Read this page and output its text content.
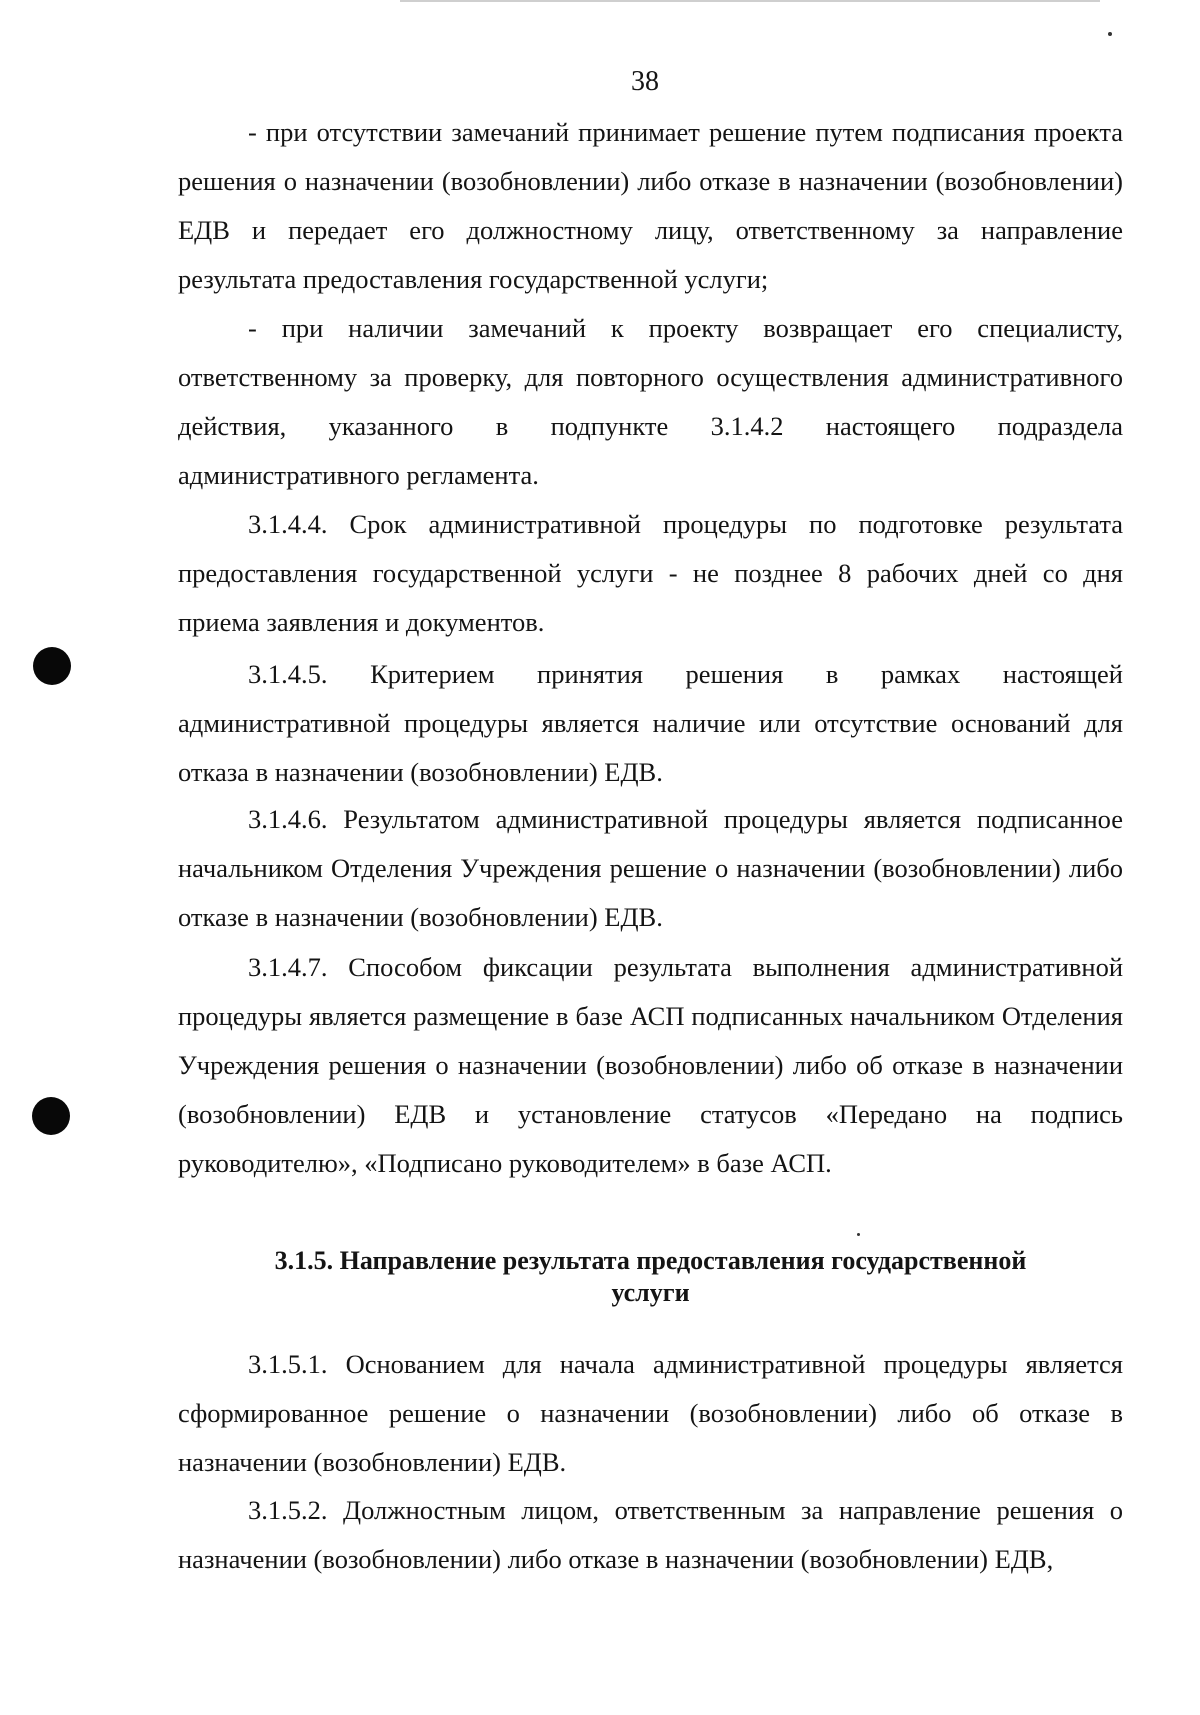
38

- при отсутствии замечаний принимает решение путем подписания проекта решения о назначении (возобновлении) либо отказе в назначении (возобновлении) ЕДВ и передает его должностному лицу, ответственному за направление результата предоставления государственной услуги;

- при наличии замечаний к проекту возвращает его специалисту, ответственному за проверку, для повторного осуществления административного действия, указанного в подпункте 3.1.4.2 настоящего подраздела административного регламента.

3.1.4.4. Срок административной процедуры по подготовке результата предоставления государственной услуги - не позднее 8 рабочих дней со дня приема заявления и документов.

3.1.4.5. Критерием принятия решения в рамках настоящей административной процедуры является наличие или отсутствие оснований для отказа в назначении (возобновлении) ЕДВ.

3.1.4.6. Результатом административной процедуры является подписанное начальником Отделения Учреждения решение о назначении (возобновлении) либо отказе в назначении (возобновлении) ЕДВ.

3.1.4.7. Способом фиксации результата выполнения административной процедуры является размещение в базе АСП подписанных начальником Отделения Учреждения решения о назначении (возобновлении) либо об отказе в назначении (возобновлении) ЕДВ и установление статусов «Передано на подпись руководителю», «Подписано руководителем» в базе АСП.

3.1.5. Направление результата предоставления государственной
услуги

3.1.5.1. Основанием для начала административной процедуры является сформированное решение о назначении (возобновлении) либо об отказе в назначении (возобновлении) ЕДВ.

3.1.5.2. Должностным лицом, ответственным за направление решения о назначении (возобновлении) либо отказе в назначении (возобновлении) ЕДВ,
